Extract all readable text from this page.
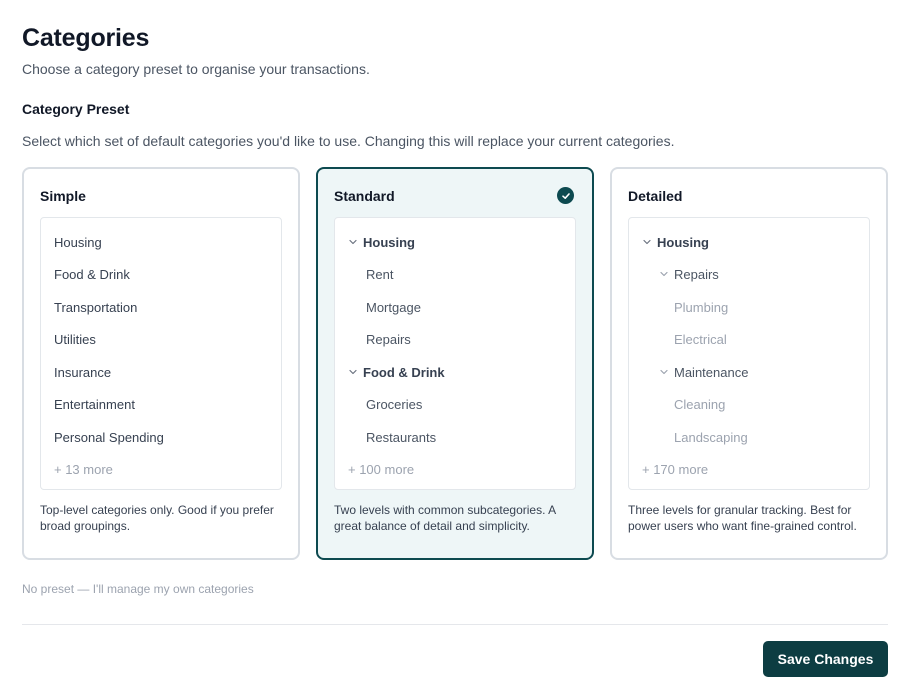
Categories

Choose a category preset to organise your transactions.

Category Preset

Select which set of default categories you'd like to use. Changing this will replace your current categories.

Simple
Housing
Food & Drink
Transportation
Utilities
Insurance
Entertainment
Personal Spending
+ 13 more

Top-level categories only. Good if you prefer broad groupings.

Standard
Housing
Rent
Mortgage
Repairs
Food & Drink
Groceries
Restaurants
+ 100 more

Two levels with common subcategories. A great balance of detail and simplicity.

Detailed
Housing
Repairs
Plumbing
Electrical
Maintenance
Cleaning
Landscaping
+ 170 more

Three levels for granular tracking. Best for power users who want fine-grained control.

No preset — I'll manage my own categories
Save Changes
